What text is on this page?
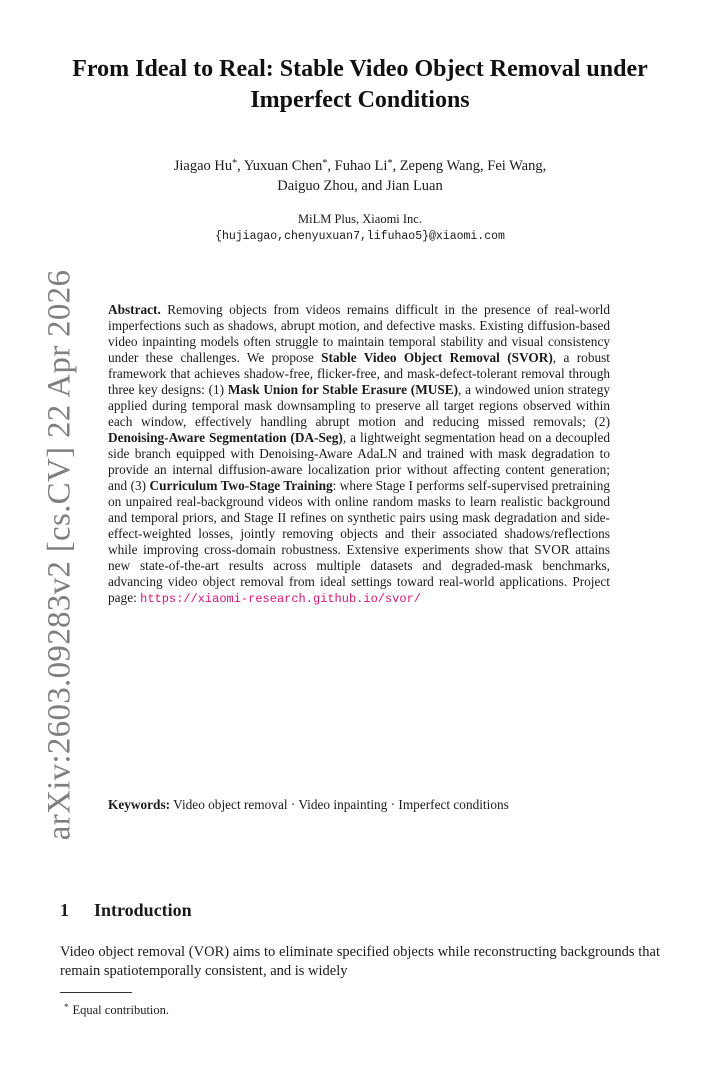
arXiv:2603.09283v2 [cs.CV] 22 Apr 2026
From Ideal to Real: Stable Video Object Removal under Imperfect Conditions
Jiagao Hu*, Yuxuan Chen*, Fuhao Li*, Zepeng Wang, Fei Wang,
Daiguo Zhou, and Jian Luan
MiLM Plus, Xiaomi Inc.
{hujiagao,chenyuxuan7,lifuhao5}@xiaomi.com

Abstract. Removing objects from videos remains difficult in the presence of real-world imperfections such as shadows, abrupt motion, and defective masks. Existing diffusion-based video inpainting models often struggle to maintain temporal stability and visual consistency under these challenges. We propose Stable Video Object Removal (SVOR), a robust framework that achieves shadow-free, flicker-free, and mask-defect-tolerant removal through three key designs: (1) Mask Union for Stable Erasure (MUSE), a windowed union strategy applied during temporal mask downsampling to preserve all target regions observed within each window, effectively handling abrupt motion and reducing missed removals; (2) Denoising-Aware Segmentation (DA-Seg), a lightweight segmentation head on a decoupled side branch equipped with Denoising-Aware AdaLN and trained with mask degradation to provide an internal diffusion-aware localization prior without affecting content generation; and (3) Curriculum Two-Stage Training: where Stage I performs self-supervised pretraining on unpaired real-background videos with online random masks to learn realistic background and temporal priors, and Stage II refines on synthetic pairs using mask degradation and side-effect-weighted losses, jointly removing objects and their associated shadows/reflections while improving cross-domain robustness. Extensive experiments show that SVOR attains new state-of-the-art results across multiple datasets and degraded-mask benchmarks, advancing video object removal from ideal settings toward real-world applications. Project page: https://xiaomi-research.github.io/svor/

Keywords: Video object removal · Video inpainting · Imperfect conditions
1 Introduction

Video object removal (VOR) aims to eliminate specified objects while reconstructing backgrounds that remain spatiotemporally consistent, and is widely

* Equal contribution.
